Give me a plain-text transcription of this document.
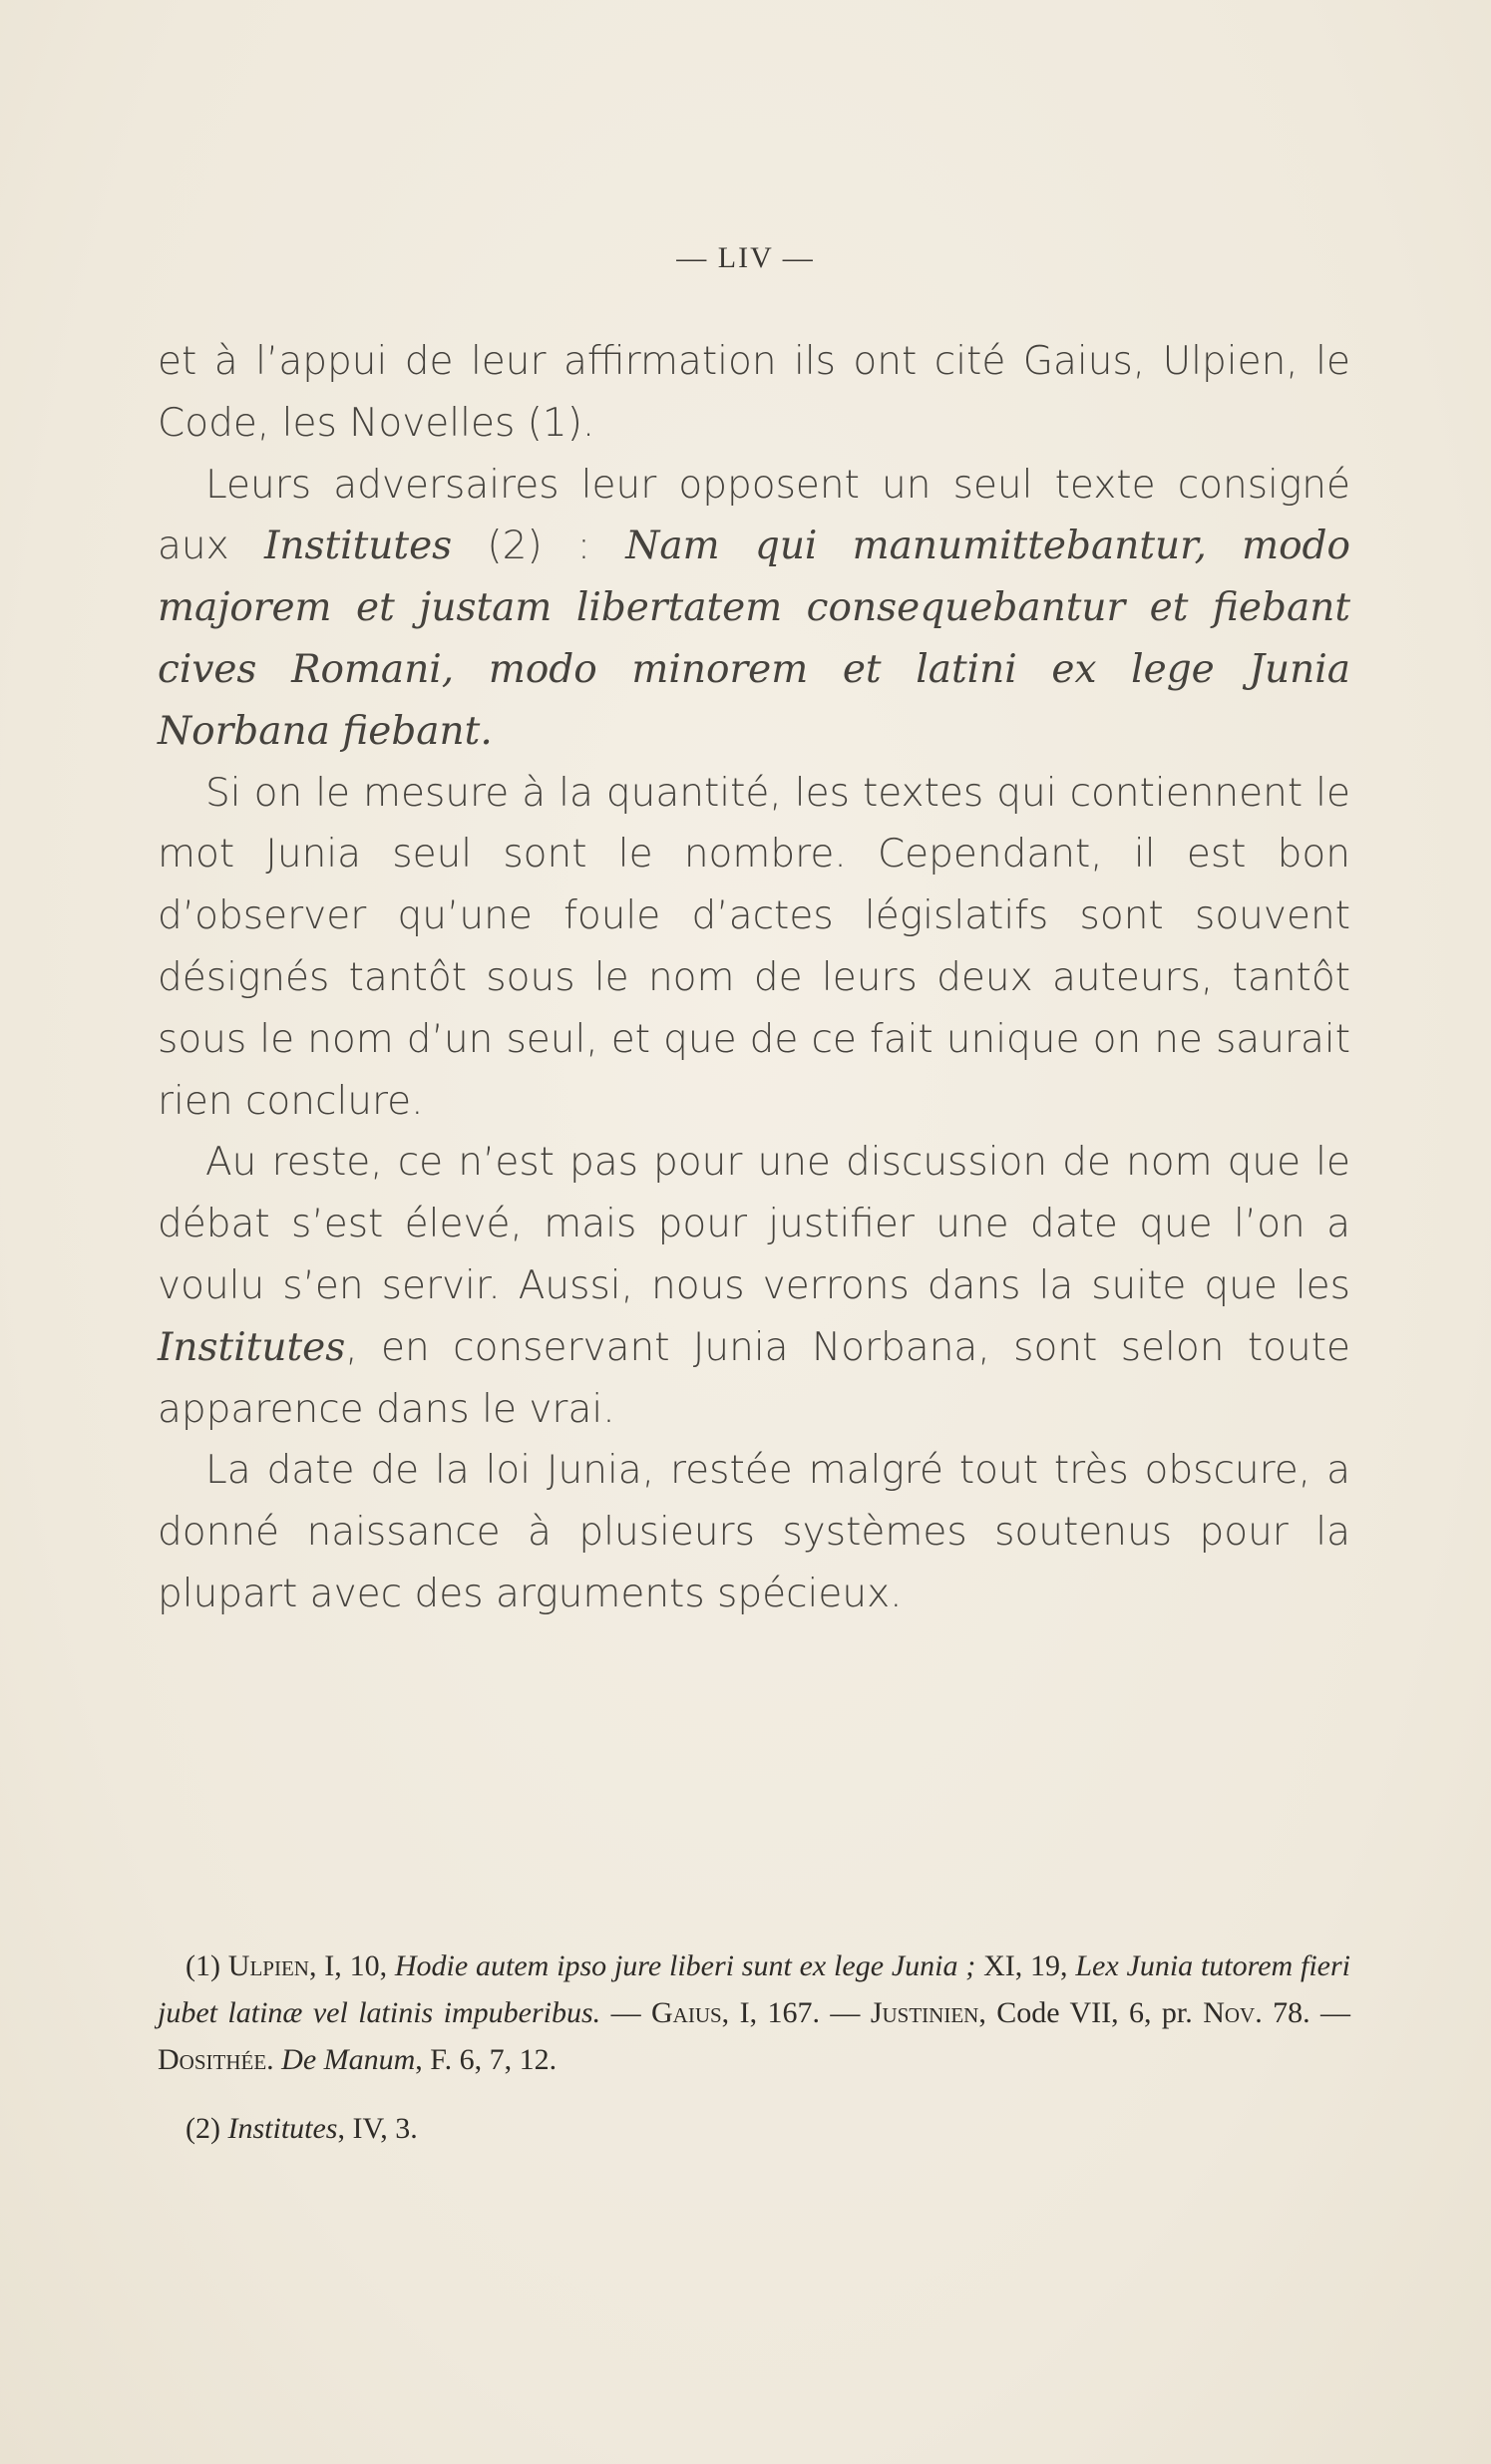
— LIV —

et à l’appui de leur affirmation ils ont cité Gaius, Ulpien, le Code, les Novelles (1).

Leurs adversaires leur opposent un seul texte consigné aux Institutes (2) : Nam qui manumittebantur, modo majorem et justam libertatem consequebantur et fiebant cives Romani, modo minorem et latini ex lege Junia Norbana fiebant.

Si on le mesure à la quantité, les textes qui contiennent le mot Junia seul sont le nombre. Cependant, il est bon d’observer qu’une foule d’actes législatifs sont souvent désignés tantôt sous le nom de leurs deux auteurs, tantôt sous le nom d’un seul, et que de ce fait unique on ne saurait rien conclure.

Au reste, ce n’est pas pour une discussion de nom que le débat s’est élevé, mais pour justifier une date que l’on a voulu s’en servir. Aussi, nous verrons dans la suite que les Institutes, en conservant Junia Norbana, sont selon toute apparence dans le vrai.

La date de la loi Junia, restée malgré tout très obscure, a donné naissance à plusieurs systèmes soutenus pour la plupart avec des arguments spécieux.

(1) Ulpien, I, 10, Hodie autem ipso jure liberi sunt ex lege Junia ; XI, 19, Lex Junia tutorem fieri jubet latinæ vel latinis impuberibus. — Gaius, I, 167. — Justinien, Code VII, 6, pr. Nov. 78. — Dosithée. De Manum, F. 6, 7, 12.

(2) Institutes, IV, 3.
